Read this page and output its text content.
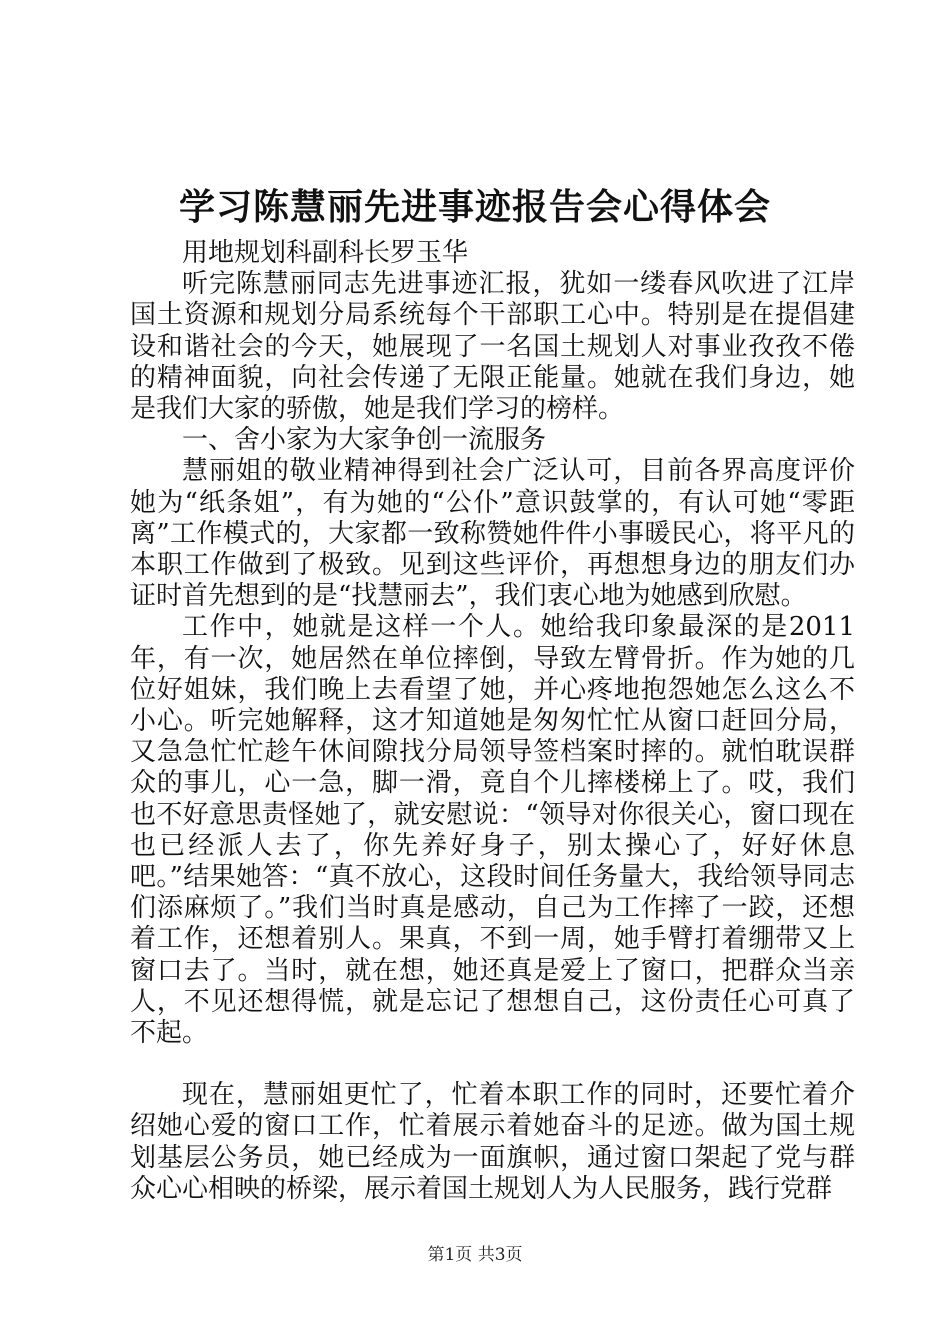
学习陈慧丽先进事迹报告会心得体会

用地规划科副科长罗玉华

听完陈慧丽同志先进事迹汇报，犹如一缕春风吹进了江岸国土资源和规划分局系统每个干部职工心中。特别是在提倡建设和谐社会的今天，她展现了一名国土规划人对事业孜孜不倦的精神面貌，向社会传递了无限正能量。她就在我们身边，她是我们大家的骄傲，她是我们学习的榜样。

一、舍小家为大家争创一流服务

慧丽姐的敬业精神得到社会广泛认可，目前各界高度评价她为“纸条姐”，有为她的“公仆”意识鼓掌的，有认可她“零距离”工作模式的，大家都一致称赞她件件小事暖民心，将平凡的本职工作做到了极致。见到这些评价，再想想身边的朋友们办证时首先想到的是“找慧丽去”，我们衷心地为她感到欣慰。

工作中，她就是这样一个人。她给我印象最深的是2011年，有一次，她居然在单位摔倒，导致左臂骨折。作为她的几位好姐妹，我们晚上去看望了她，并心疼地抱怨她怎么这么不小心。听完她解释，这才知道她是匆匆忙忙从窗口赶回分局，又急急忙忙趁午休间隙找分局领导签档案时摔的。就怕耽误群众的事儿，心一急，脚一滑，竟自个儿摔楼梯上了。哎，我们也不好意思责怪她了，就安慰说：“领导对你很关心，窗口现在也已经派人去了，你先养好身子，别太操心了，好好休息吧。”结果她答：“真不放心，这段时间任务量大，我给领导同志们添麻烦了。”我们当时真是感动，自己为工作摔了一跤，还想着工作，还想着别人。果真，不到一周，她手臂打着绷带又上窗口去了。当时，就在想，她还真是爱上了窗口，把群众当亲人，不见还想得慌，就是忘记了想想自己，这份责任心可真了不起。

现在，慧丽姐更忙了，忙着本职工作的同时，还要忙着介绍她心爱的窗口工作，忙着展示着她奋斗的足迹。做为国土规划基层公务员，她已经成为一面旗帜，通过窗口架起了党与群众心心相映的桥梁，展示着国土规划人为人民服务，践行党群

第1页 共3页
